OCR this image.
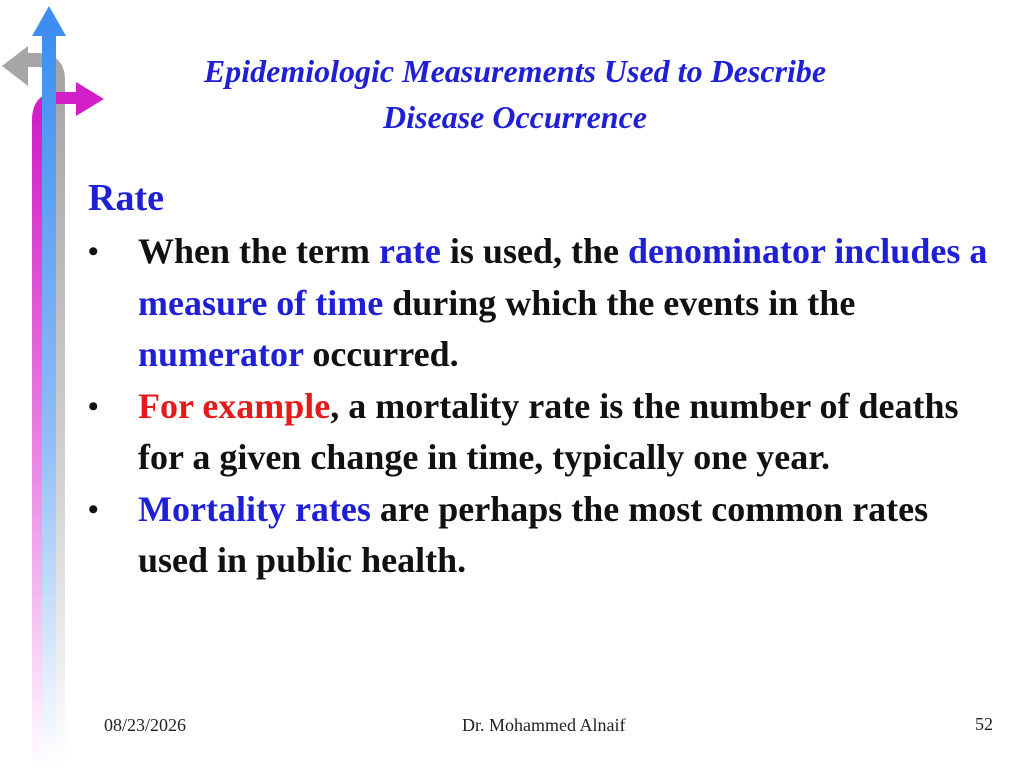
Epidemiologic Measurements Used to Describe
Disease Occurrence
Rate
• When the term rate is used, the denominator includes a measure of time during which the events in the numerator occurred.
• For example, a mortality rate is the number of deaths for a given change in time, typically one year.
• Mortality rates are perhaps the most common rates used in public health.
08/23/2026	Dr. Mohammed Alnaif	52
